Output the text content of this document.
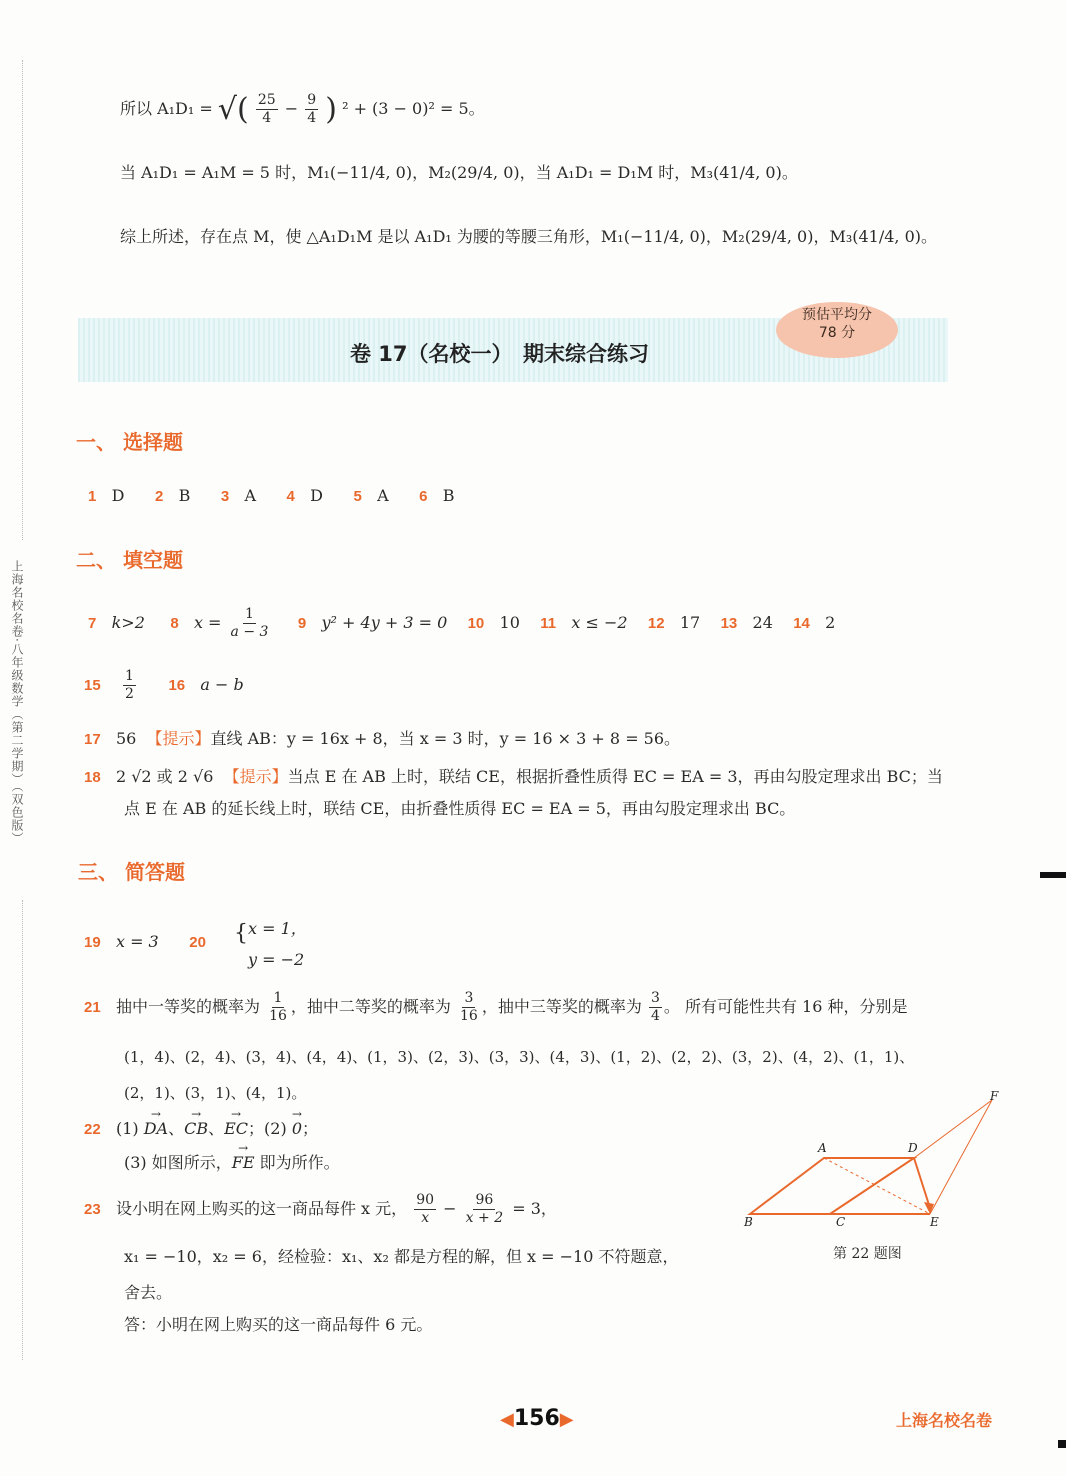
上海名校名卷·八年级数学（第二学期）（双色版）
所以 A₁D₁ = √( $\frac{25}{4} - \frac{9}{4}$ ) ² + (3 − 0)² = 5。
当 A₁D₁ = A₁M = 5 时，M₁(−11/4, 0)，M₂(29/4, 0)，当 A₁D₁ = D₁M 时，M₃(41/4, 0)。
综上所述，存在点 M，使 △A₁D₁M 是以 A₁D₁ 为腰的等腰三角形，M₁(−11/4, 0)，M₂(29/4, 0)，M₃(41/4, 0)。
卷 17（名校一）　期末综合练习
预估平均分
78 分
一、 选择题
1 D 2 B 3 A 4 D 5 A 6 B
二、 填空题
7 k>2 8 $x = \frac{1}{a - 3} 9$ y² + 4y + 3 = 0 10 10 11 x ≤ −2 12 17 13 24 14 2
$15 \frac{1}{2} 16$ a − b
17 56 【提示】直线 AB：y = 16x + 8，当 x = 3 时，y = 16 × 3 + 8 = 56。
18 2 √2 或 2 √6 【提示】当点 E 在 AB 上时，联结 CE，根据折叠性质得 EC = EA = 3，再由勾股定理求出 BC；当
点 E 在 AB 的延长线上时，联结 CE，由折叠性质得 EC = EA = 5，再由勾股定理求出 BC。
三、 简答题
19 x = 3 20 { x = 1，
y = −2
21 抽中一等奖的概率为 $\frac{1}{16}$ ，抽中二等奖的概率为 $\frac{3}{16}$ ，抽中三等奖的概率为 $\frac{3}{4}$ 。 所有可能性共有 16 种，分别是
(1，4)、(2，4)、(3，4)、(4，4)、(1，3)、(2，3)、(3，3)、(4，3)、(1，2)、(2，2)、(3，2)、(4，2)、(1，1)、
(2，1)、(3，1)、(4，1)。
22 (1) → DA、→ CB、→ EC；(2) → 0；
(3) 如图所示，→ FE 即为所作。
23 设小明在网上购买的这一商品每件 x 元， $\frac{90}{x} - \frac{96}{x + 2} = 3$，
x₁ = −10，x₂ = 6，经检验：x₁、x₂ 都是方程的解，但 x = −10 不符题意，
舍去。
答：小明在网上购买的这一商品每件 6 元。
A	D
F
B	C	E
第 22 题图
◀156▶	上海名校名卷
